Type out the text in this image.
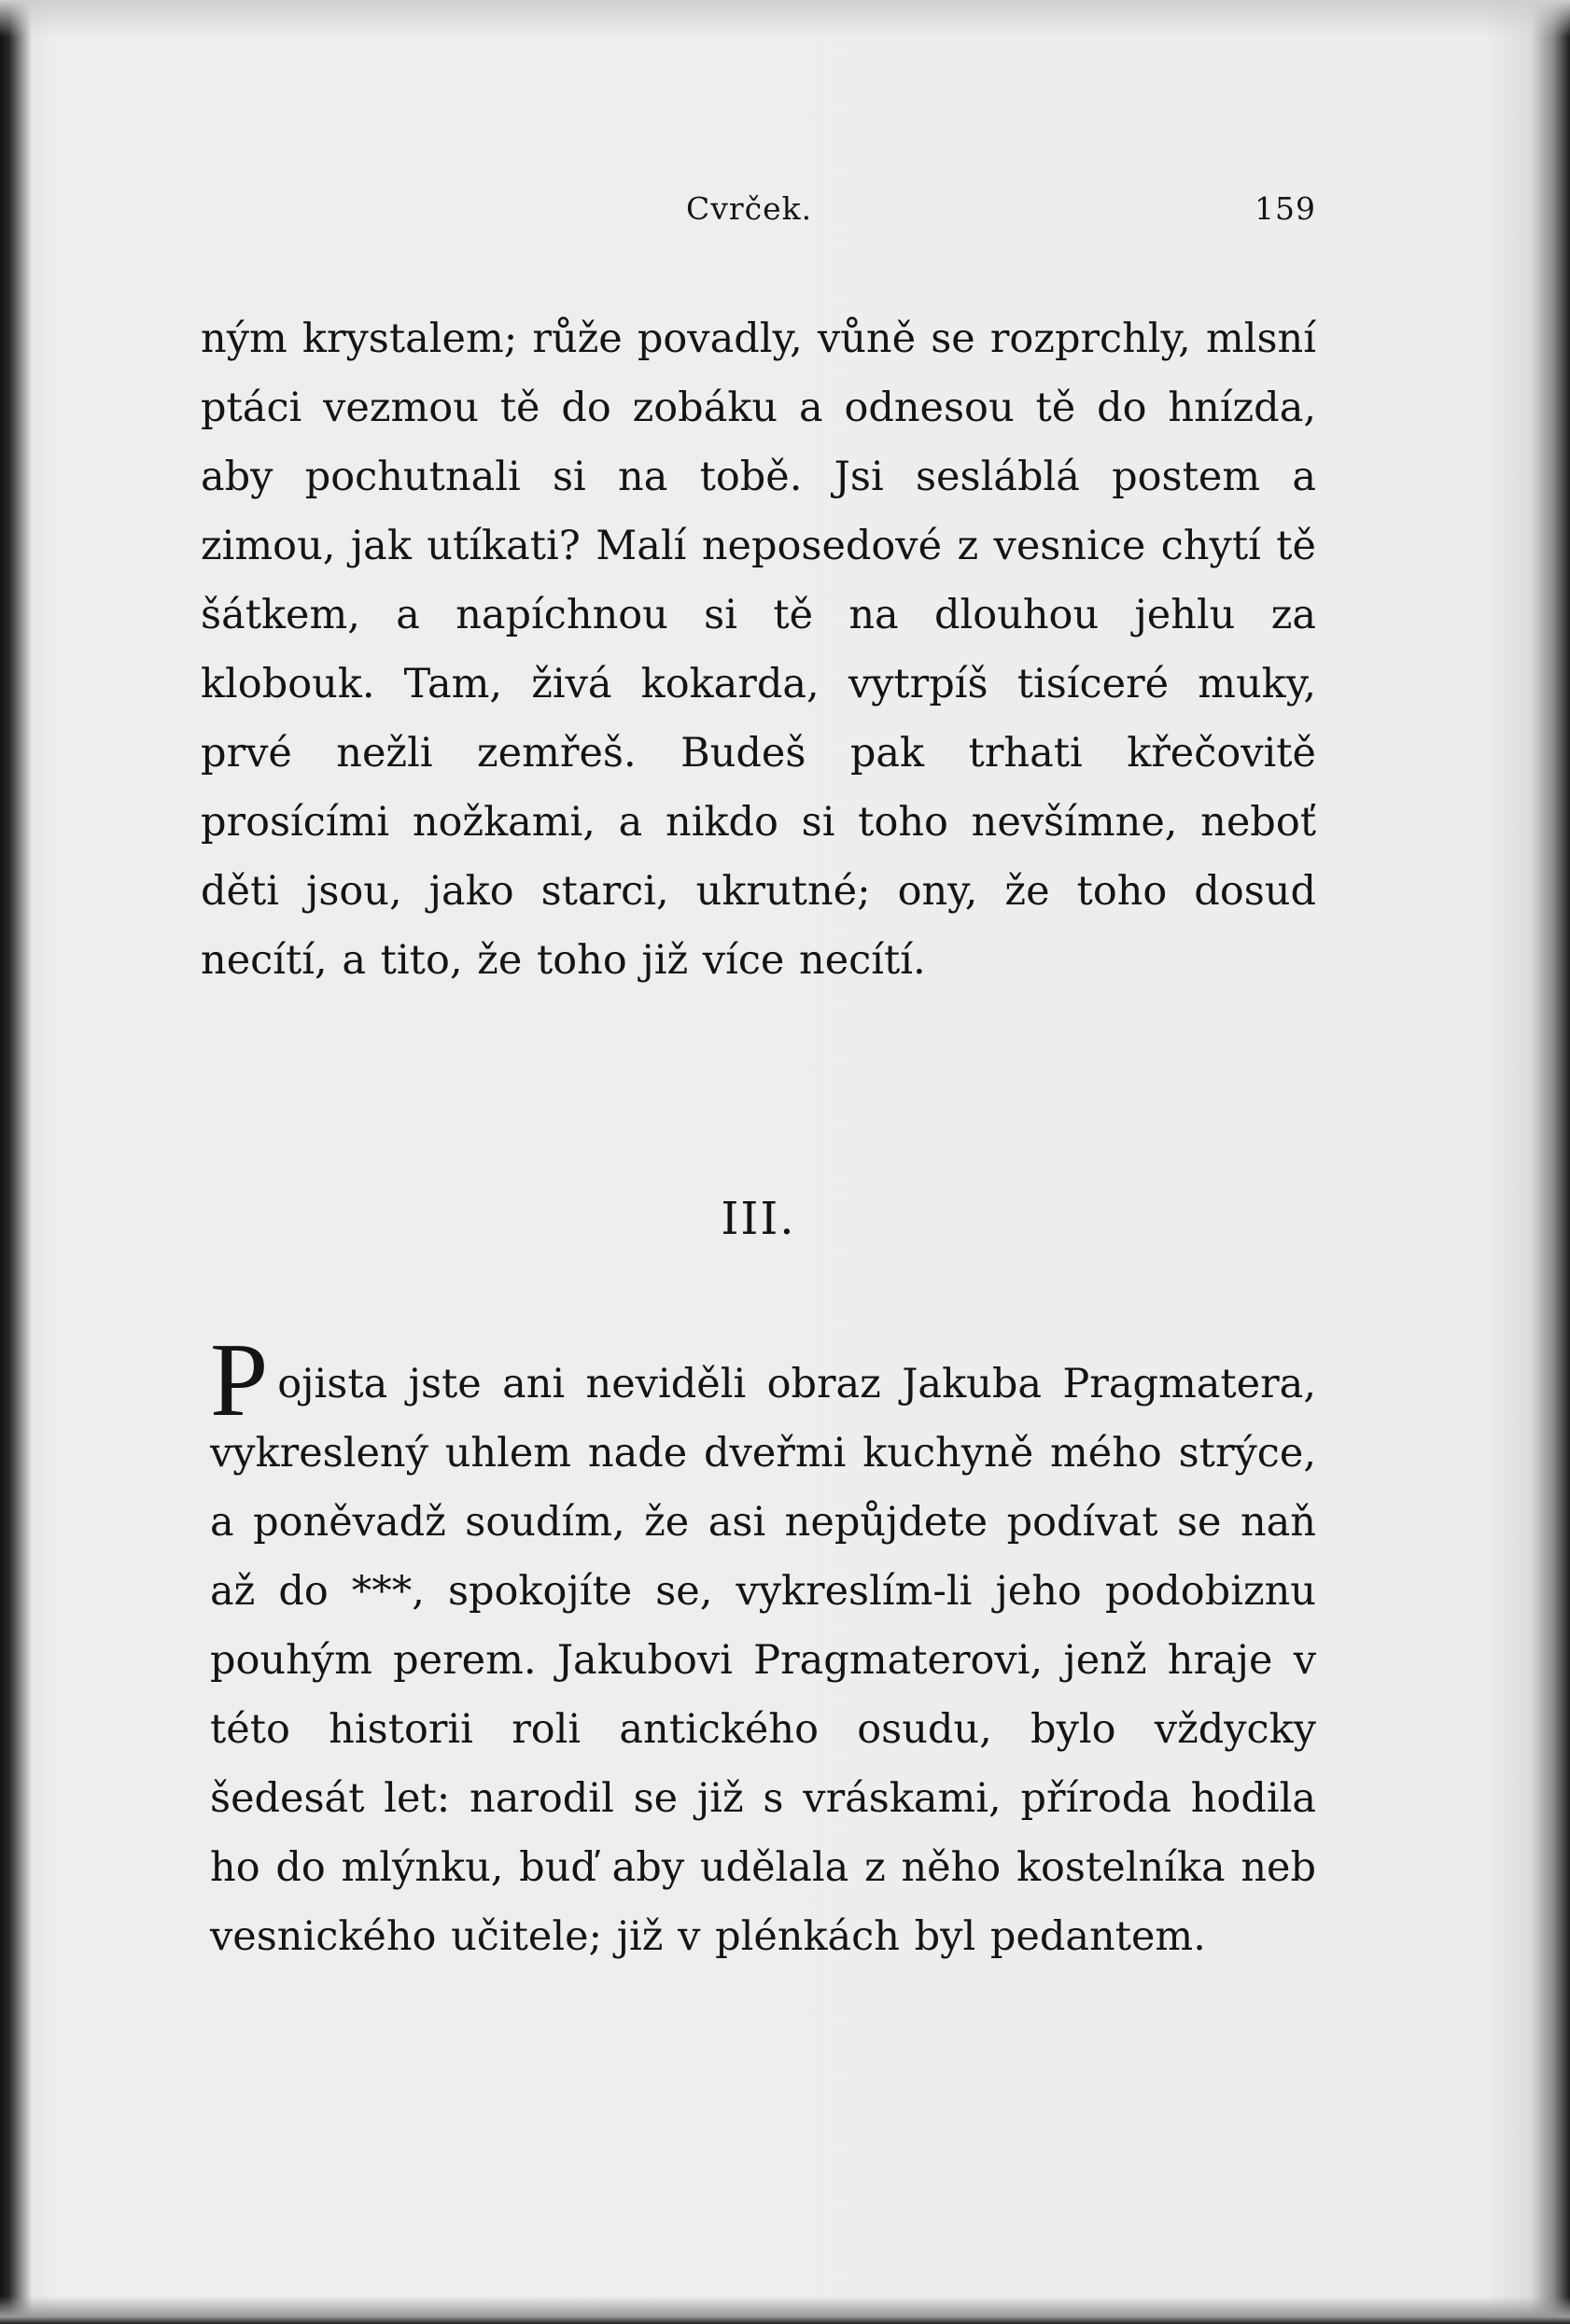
Cvrček.	159

ným krystalem; růže povadly, vůně se rozprchly, mlsní ptáci vezmou tě do zobáku a odnesou tě do hnízda, aby pochutnali si na tobě. Jsi sesláblá postem a zimou, jak utíkati? Malí neposedové z vesnice chytí tě šátkem, a napíchnou si tě na dlouhou jehlu za klobouk. Tam, živá kokarda, vytrpíš tisíceré muky, prvé nežli zemřeš. Budeš pak trhati křečovitě prosícími nožkami, a nikdo si toho nevšímne, neboť děti jsou, jako starci, ukrutné; ony, že toho dosud necítí, a tito, že toho již více necítí.

III.

Pojista jste ani neviděli obraz Jakuba Pragmatera, vykreslený uhlem nade dveřmi kuchyně mého strýce, a poněvadž soudím, že asi nepůjdete podívat se naň až do ***, spokojíte se, vykreslím-li jeho podobiznu pouhým perem. Jakubovi Pragmaterovi, jenž hraje v této historii roli antického osudu, bylo vždycky šedesát let: narodil se již s vráskami, příroda hodila ho do mlýnku, buď aby udělala z něho kostelníka neb vesnického učitele; již v plénkách byl pedantem.
